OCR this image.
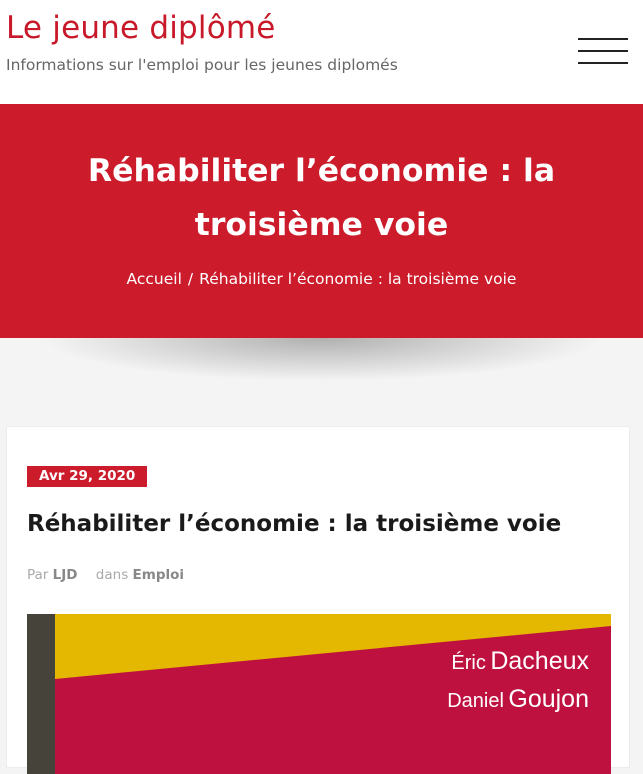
Le jeune diplômé
Informations sur l'emploi pour les jeunes diplomés
Réhabiliter l’économie : la troisième voie
Accueil / Réhabiliter l’économie : la troisième voie
Avr 29, 2020
Réhabiliter l’économie : la troisième voie
Par LJD dans Emploi
Éric Dacheux
Daniel Goujon
